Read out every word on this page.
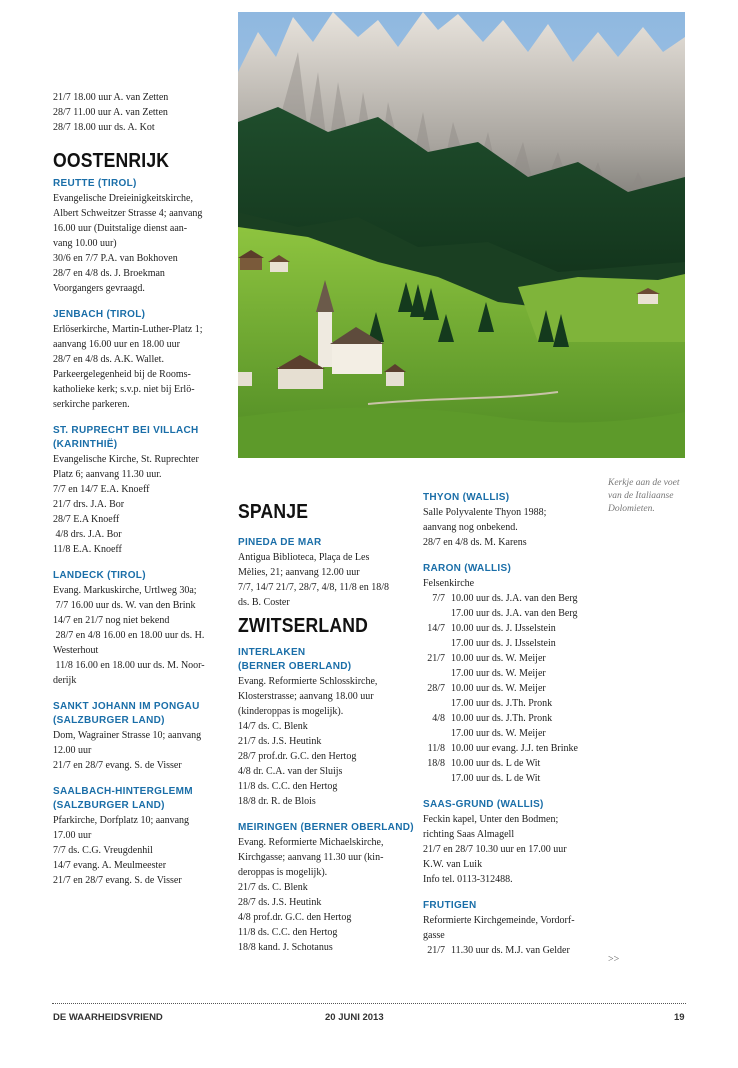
21/7 18.00 uur A. van Zetten

28/7 11.00 uur A. van Zetten

28/7 18.00 uur ds. A. Kot

OOSTENRIJK
REUTTE (TIROL)

Evangelische Dreieinigkeitskirche,

Albert Schweitzer Strasse 4; aanvang

16.00 uur (Duitstalige dienst aan-

vang 10.00 uur)

30/6 en 7/7 P.A. van Bokhoven

28/7 en 4/8 ds. J. Broekman

Voorgangers gevraagd.

JENBACH (TIROL)

Erlöserkirche, Martin-Luther-Platz 1;

aanvang 16.00 uur en 18.00 uur

28/7 en 4/8 ds. A.K. Wallet.

Parkeergelegenheid bij de Rooms-

katholieke kerk; s.v.p. niet bij Erlö-

serkirche parkeren.

ST. RUPRECHT BEI VILLACH
(KARINTHIË)

Evangelische Kirche, St. Ruprechter

Platz 6; aanvang 11.30 uur.

7/7 en 14/7 E.A. Knoeff

21/7 drs. J.A. Bor

28/7 E.A Knoeff

4/8 drs. J.A. Bor

11/8 E.A. Knoeff

LANDECK (TIROL)

Evang. Markuskirche, Urtlweg 30a;

7/7 16.00 uur ds. W. van den Brink

14/7 en 21/7 nog niet bekend

28/7 en 4/8 16.00 en 18.00 uur ds. H.

Westerhout

11/8 16.00 en 18.00 uur ds. M. Noor-

derijk

SANKT JOHANN IM PONGAU
(SALZBURGER LAND)

Dom, Wagrainer Strasse 10; aanvang

12.00 uur

21/7 en 28/7 evang. S. de Visser

SAALBACH-HINTERGLEMM
(SALZBURGER LAND)

Pfarkirche, Dorfplatz 10; aanvang

17.00 uur

7/7 ds. C.G. Vreugdenhil

14/7 evang. A. Meulmeester

21/7 en 28/7 evang. S. de Visser

SPANJE
PINEDA DE MAR

Antigua Biblioteca, Plaça de Les

Mèlies, 21; aanvang 12.00 uur

7/7, 14/7 21/7, 28/7, 4/8, 11/8 en 18/8

ds. B. Coster

ZWITSERLAND
INTERLAKEN
(BERNER OBERLAND)

Evang. Reformierte Schlosskirche,

Klosterstrasse; aanvang 18.00 uur

(kinderoppas is mogelijk).

14/7 ds. C. Blenk

21/7 ds. J.S. Heutink

28/7 prof.dr. G.C. den Hertog

4/8 dr. C.A. van der Sluijs

11/8 ds. C.C. den Hertog

18/8 dr. R. de Blois

MEIRINGEN (BERNER OBERLAND)

Evang. Reformierte Michaelskirche,

Kirchgasse; aanvang 11.30 uur (kin-

deroppas is mogelijk).

21/7 ds. C. Blenk

28/7 ds. J.S. Heutink

4/8 prof.dr. G.C. den Hertog

11/8 ds. C.C. den Hertog

18/8 kand. J. Schotanus

THYON (WALLIS)

Salle Polyvalente Thyon 1988;

aanvang nog onbekend.

28/7 en 4/8 ds. M. Karens

RARON (WALLIS)

Felsenkirche

7/7 10.00 uur ds. J.A. van den Berg
17.00 uur ds. J.A. van den Berg
14/7 10.00 uur ds. J. IJsselstein
17.00 uur ds. J. IJsselstein
21/7 10.00 uur ds. W. Meijer
17.00 uur ds. W. Meijer
28/7 10.00 uur ds. W. Meijer
17.00 uur ds. J.Th. Pronk
4/8 10.00 uur ds. J.Th. Pronk
17.00 uur ds. W. Meijer
11/8 10.00 uur evang. J.J. ten Brinke
18/8 10.00 uur ds. L de Wit
17.00 uur ds. L de Wit
SAAS-GRUND (WALLIS)

Feckin kapel, Unter den Bodmen;

richting Saas Almagell

21/7 en 28/7 10.30 uur en 17.00 uur

K.W. van Luik

Info tel. 0113-312488.

FRUTIGEN

Reformierte Kirchgemeinde, Vordorf-

gasse

21/7 11.30 uur ds. M.J. van Gelder
Kerkje aan de voet
van de Italiaanse
Dolomieten.
>>
DE WAARHEIDSVRIEND	20 JUNI 2013	19
